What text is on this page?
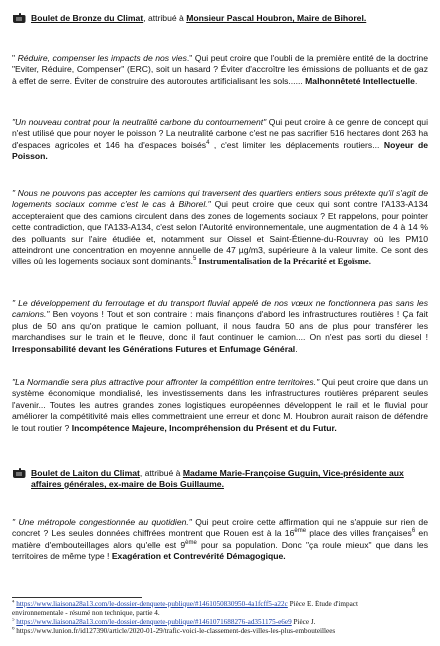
Boulet de Bronze du Climat, attribué à Monsieur Pascal Houbron, Maire de Bihorel.

" Réduire, compenser les impacts de nos vies." Qui peut croire que l'oubli de la première entité de la doctrine "Eviter, Réduire, Compenser" (ERC), soit un hasard ? Éviter d'accroître les émissions de polluants et de gaz à effet de serre. Éviter de construire des autoroutes artificialisant les sols...... Malhonnêteté Intellectuelle.

"Un nouveau contrat pour la neutralité carbone du contournement" Qui peut croire à ce genre de concept qui n'est utilisé que pour noyer le poisson ? La neutralité carbone c'est ne pas sacrifier 516 hectares dont 263 ha d'espaces agricoles et 146 ha d'espaces boisés$^4$ , c'est limiter les déplacements routiers... Noyeur de Poisson.

" Nous ne pouvons pas accepter les camions qui traversent des quartiers entiers sous prétexte qu'il s'agit de logements sociaux comme c'est le cas à Bihorel." Qui peut croire que ceux qui sont contre l'A133-A134 accepteraient que des camions circulent dans des zones de logements sociaux ? Et rappelons, pour pointer cette contradiction, que l'A133-A134, c'est selon l'Autorité environnementale, une augmentation de 4 à 14 % des polluants sur l'aire étudiée et, notamment sur Oissel et Saint-Étienne-du-Rouvray où les PM10 atteindront une concentration en moyenne annuelle de 47 µg/m3, supérieure à la valeur limite. Ce sont des villes où les logements sociaux sont dominants.$^5$ Instrumentalisation de la Précarité et Egoïsme.

" Le développement du ferroutage et du transport fluvial appelé de nos vœux ne fonctionnera pas sans les camions." Ben voyons ! Tout et son contraire : mais finançons d'abord les infrastructures routières ! Ça fait plus de 50 ans qu'on pratique le camion polluant, il nous faudra 50 ans de plus pour transférer les marchandises sur le train et le fleuve, donc il faut continuer le camion.... On n'est pas sorti du diesel ! Irresponsabilité devant les Générations Futures et Enfumage Général.

"La Normandie sera plus attractive pour affronter la compétition entre territoires." Qui peut croire que dans un système économique mondialisé, les investissements dans les infrastructures routières préparent seules l'avenir... Toutes les autres grandes zones logistiques européennes développent le rail et le fluvial pour améliorer la compétitivité mais elles commettraient une erreur et donc M. Houbron aurait raison de défendre le tout routier ? Incompétence Majeure, Incompréhension du Présent et du Futur.

Boulet de Laiton du Climat, attribué à Madame Marie-Françoise Guguin, Vice-présidente aux affaires générales, ex-maire de Bois Guillaume.

" Une métropole congestionnée au quotidien." Qui peut croire cette affirmation qui ne s'appuie sur rien de concret ? Les seules données chiffrées montrent que Rouen est à la 16ème place des villes françaises$^6$ en matière d'embouteillages alors qu'elle est 9ème pour sa population. Donc "ça roule mieux" que dans les territoires de même type ! Exagération et Contrevérité Démagogique.

$^4$ https://www.liaisona28a13.com/le-dossier-denquete-publique/#1461050830950-4a1fcff5-a22c Pièce E. Étude d'impact
environnementale - résumé non technique, partie 4.
$^5$ https://www.liaisona28a13.com/le-dossier-denquete-publique/#1461071688276-ad351175-e6e9 Pièce J.
$^6$ https://www.lunion.fr/id127390/article/2020-01-29/trafic-voici-le-classement-des-villes-les-plus-embouteillees
